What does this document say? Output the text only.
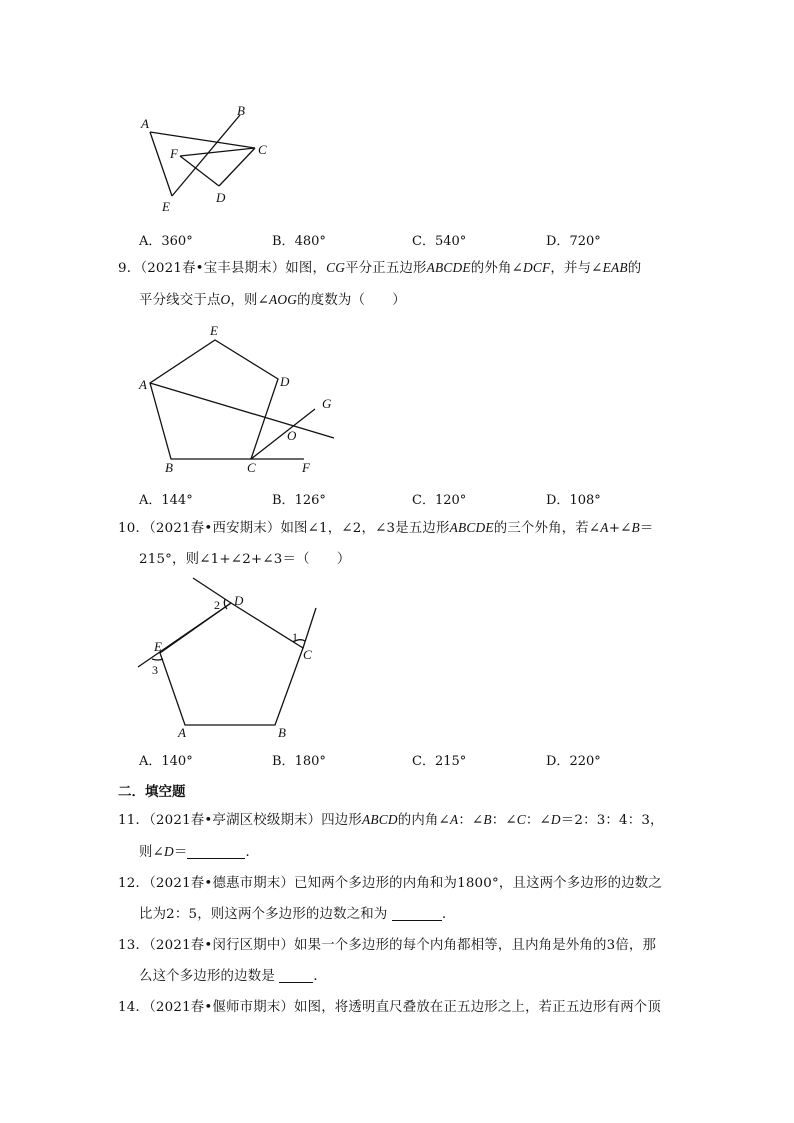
A
B
C
D
E
F
A．360°	B．480°	C．540°	D．720°
9．（2021春•宝丰县期末）如图，CG平分正五边形ABCDE的外角∠DCF，并与∠EAB的
平分线交于点O，则∠AOG的度数为（　　）
E
D
A
B	C	F
G
O
A．144°	B．126°	C．120°	D．108°
10．（2021春•西安期末）如图∠1，∠2，∠3是五边形ABCDE的三个外角，若∠A+∠B＝
215°，则∠1+∠2+∠3＝（　　）
D
C
E
A	B
1
2
3
A．140°	B．180°	C．215°	D．220°
二．填空题
11．（2021春•亭湖区校级期末）四边形ABCD的内角∠A：∠B：∠C：∠D＝2：3：4：3，
则∠D＝	．
12．（2021春•德惠市期末）已知两个多边形的内角和为1800°，且这两个多边形的边数之
比为2：5，则这两个多边形的边数之和为	．
13．（2021春•闵行区期中）如果一个多边形的每个内角都相等，且内角是外角的3倍，那
么这个多边形的边数是	．
14．（2021春•偃师市期末）如图，将透明直尺叠放在正五边形之上，若正五边形有两个顶
